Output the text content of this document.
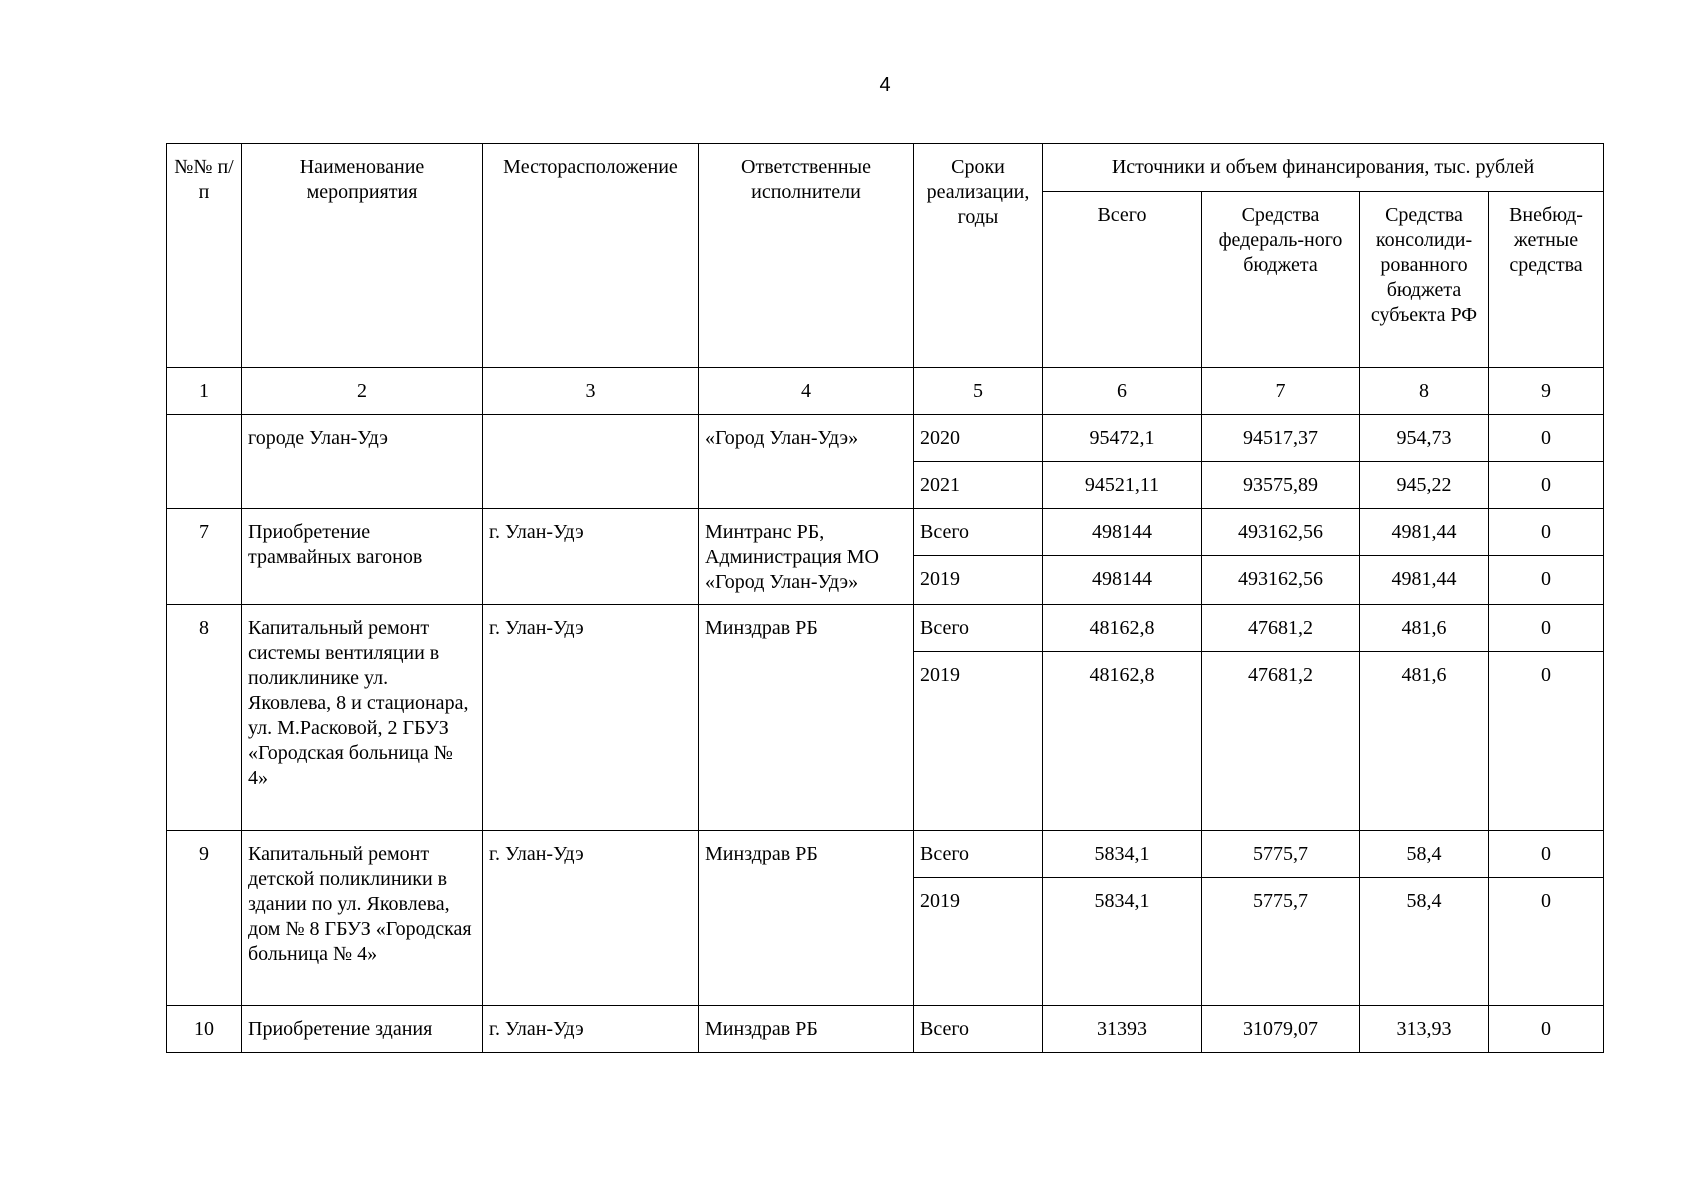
4
№№ п/п	Наименование мероприятия	Месторасположение	Ответственные исполнители	Сроки реализации, годы	Источники и объем финансирования, тыс. рублей			
					Всего	Средства федераль-ного бюджета	Средства консолиди-рованного бюджета субъекта РФ	Внебюд-жетные средства
1	2	3	4	5	6	7	8	9
	городе Улан-Удэ		«Город Улан-Удэ»	2020	95472,1	94517,37	954,73	0
				2021	94521,11	93575,89	945,22	0
7	Приобретение трамвайных вагонов	г. Улан-Удэ	Минтранс РБ, Администрация МО «Город Улан-Удэ»	Всего	498144	493162,56	4981,44	0
				2019	498144	493162,56	4981,44	0
8	Капитальный ремонт системы вентиляции в поликлинике ул. Яковлева, 8 и стационара, ул. М.Расковой, 2 ГБУЗ «Городская больница № 4»	г. Улан-Удэ	Минздрав РБ	Всего	48162,8	47681,2	481,6	0
				2019	48162,8	47681,2	481,6	0
9	Капитальный ремонт детской поликлиники в здании по ул. Яковлева, дом № 8 ГБУЗ «Городская больница № 4»	г. Улан-Удэ	Минздрав РБ	Всего	5834,1	5775,7	58,4	0
				2019	5834,1	5775,7	58,4	0
10	Приобретение здания	г. Улан-Удэ	Минздрав РБ	Всего	31393	31079,07	313,93	0
